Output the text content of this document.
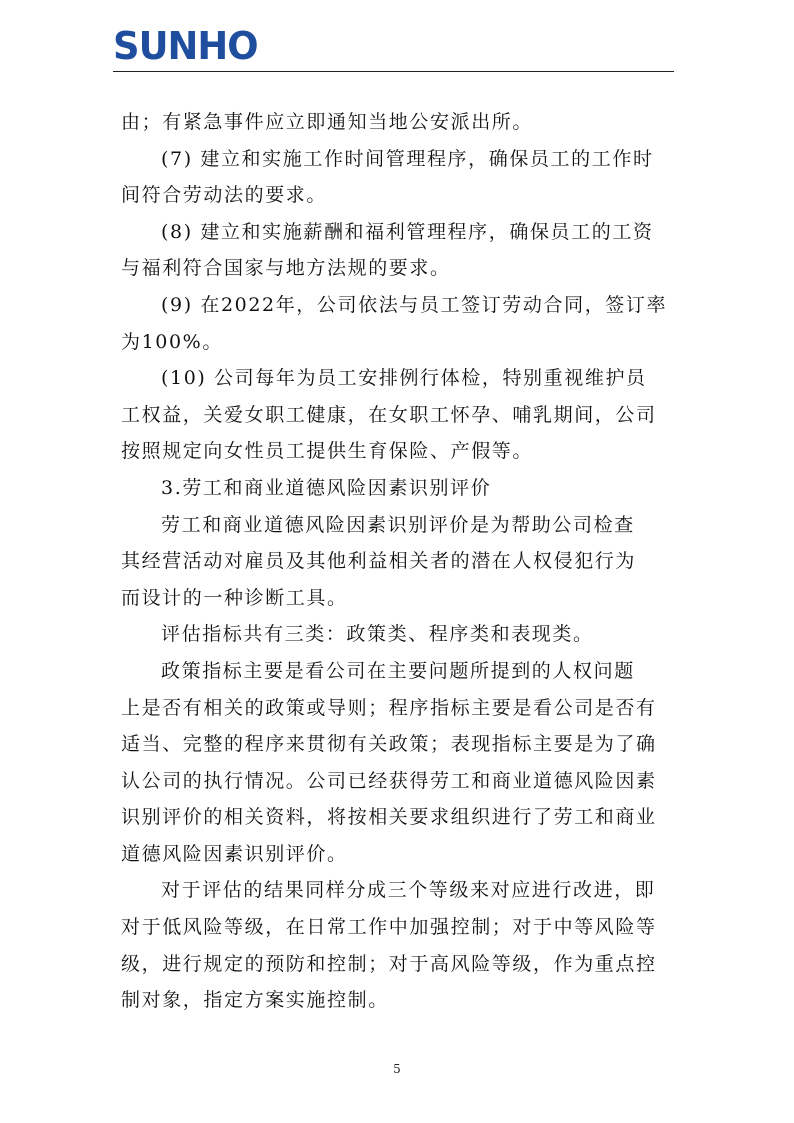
SUNHO

由；有紧急事件应立即通知当地公安派出所。

(7) 建立和实施工作时间管理程序，确保员工的工作时
间符合劳动法的要求。

(8) 建立和实施薪酬和福利管理程序，确保员工的工资
与福利符合国家与地方法规的要求。

(9) 在2022年，公司依法与员工签订劳动合同，签订率
为100%。

(10) 公司每年为员工安排例行体检，特别重视维护员
工权益，关爱女职工健康，在女职工怀孕、哺乳期间，公司
按照规定向女性员工提供生育保险、产假等。

3.劳工和商业道德风险因素识别评价

劳工和商业道德风险因素识别评价是为帮助公司检查
其经营活动对雇员及其他利益相关者的潜在人权侵犯行为
而设计的一种诊断工具。

评估指标共有三类：政策类、程序类和表现类。

政策指标主要是看公司在主要问题所提到的人权问题
上是否有相关的政策或导则；程序指标主要是看公司是否有
适当、完整的程序来贯彻有关政策；表现指标主要是为了确
认公司的执行情况。公司已经获得劳工和商业道德风险因素
识别评价的相关资料，将按相关要求组织进行了劳工和商业
道德风险因素识别评价。

对于评估的结果同样分成三个等级来对应进行改进，即
对于低风险等级，在日常工作中加强控制；对于中等风险等
级，进行规定的预防和控制；对于高风险等级，作为重点控
制对象，指定方案实施控制。

5
